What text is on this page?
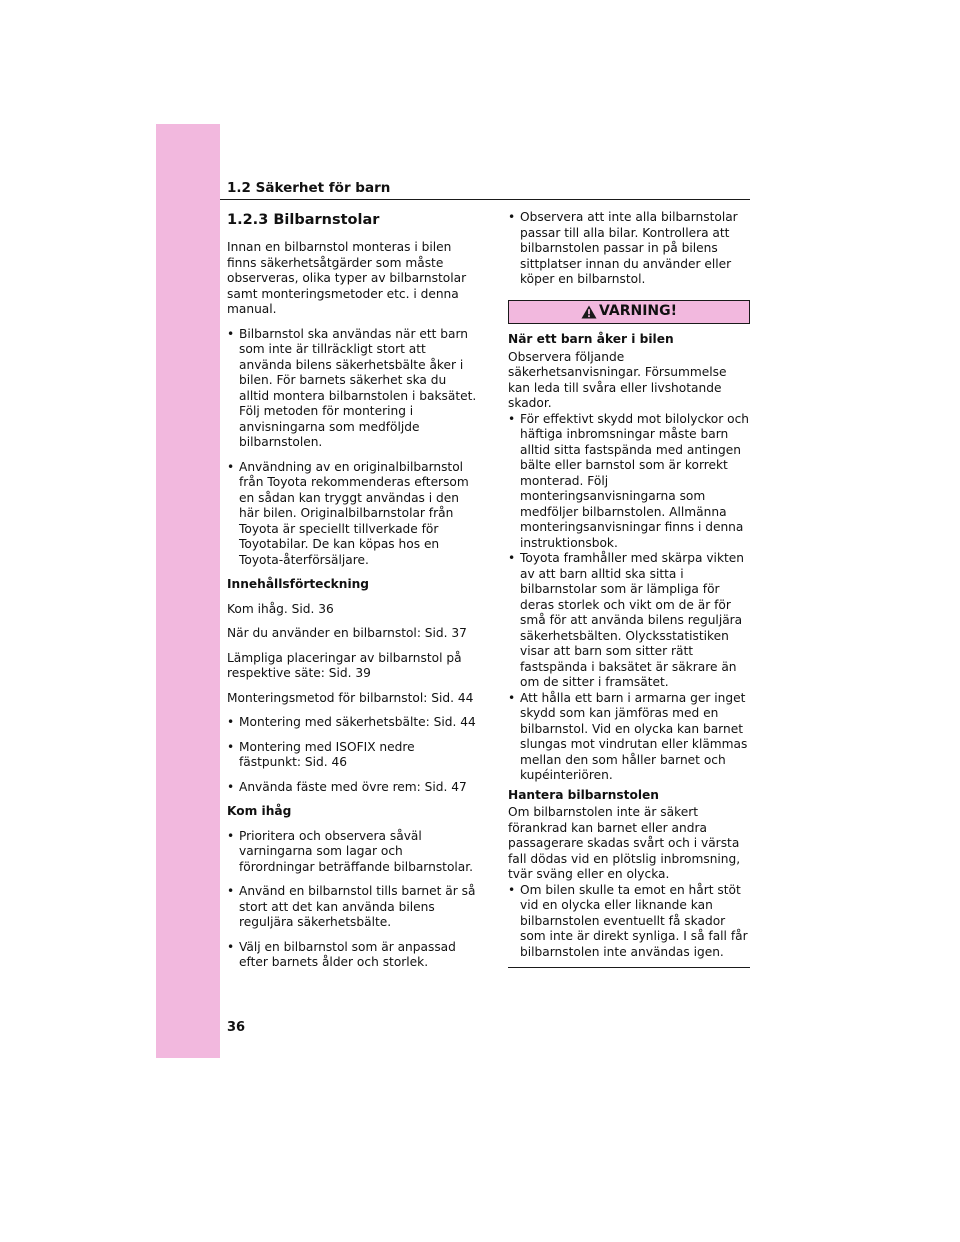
1.2 Säkerhet för barn
1.2.3 Bilbarnstolar

Innan en bilbarnstol monteras i bilen finns säkerhetsåtgärder som måste observeras, olika typer av bilbarnstolar samt monteringsmetoder etc. i denna manual.

• Bilbarnstol ska användas när ett barn som inte är tillräckligt stort att använda bilens säkerhetsbälte åker i bilen. För barnets säkerhet ska du alltid montera bilbarnstolen i baksätet. Följ metoden för montering i anvisningarna som medföljde bilbarnstolen.
• Användning av en originalbilbarnstol från Toyota rekommenderas eftersom en sådan kan tryggt användas i den här bilen. Originalbilbarnstolar från Toyota är speciellt tillverkade för Toyotabilar. De kan köpas hos en Toyota-återförsäljare.
Innehållsförteckning

Kom ihåg. Sid. 36

När du använder en bilbarnstol: Sid. 37

Lämpliga placeringar av bilbarnstol på respektive säte: Sid. 39

Monteringsmetod för bilbarnstol: Sid. 44

• Montering med säkerhetsbälte: Sid. 44
• Montering med ISOFIX nedre fästpunkt: Sid. 46
• Använda fäste med övre rem: Sid. 47
Kom ihåg
• Prioritera och observera såväl varningarna som lagar och förordningar beträffande bilbarnstolar.
• Använd en bilbarnstol tills barnet är så stort att det kan använda bilens reguljära säkerhetsbälte.
• Välj en bilbarnstol som är anpassad efter barnets ålder och storlek.
• Observera att inte alla bilbarnstolar passar till alla bilar. Kontrollera att bilbarnstolen passar in på bilens sittplatser innan du använder eller köper en bilbarnstol.
VARNING!
När ett barn åker i bilen

Observera följande säkerhetsanvisningar. Försummelse kan leda till svåra eller livshotande skador.

• För effektivt skydd mot bilolyckor och häftiga inbromsningar måste barn alltid sitta fastspända med antingen bälte eller barnstol som är korrekt monterad. Följ monteringsanvisningarna som medföljer bilbarnstolen. Allmänna monteringsanvisningar finns i denna instruktionsbok.
• Toyota framhåller med skärpa vikten av att barn alltid ska sitta i bilbarnstolar som är lämpliga för deras storlek och vikt om de är för små för att använda bilens reguljära säkerhetsbälten. Olycksstatistiken visar att barn som sitter rätt fastspända i baksätet är säkrare än om de sitter i framsätet.
• Att hålla ett barn i armarna ger inget skydd som kan jämföras med en bilbarnstol. Vid en olycka kan barnet slungas mot vindrutan eller klämmas mellan den som håller barnet och kupéinteriören.
Hantera bilbarnstolen

Om bilbarnstolen inte är säkert förankrad kan barnet eller andra passagerare skadas svårt och i värsta fall dödas vid en plötslig inbromsning, tvär sväng eller en olycka.

• Om bilen skulle ta emot en hårt stöt vid en olycka eller liknande kan bilbarnstolen eventuellt få skador som inte är direkt synliga. I så fall får bilbarnstolen inte användas igen.
36
